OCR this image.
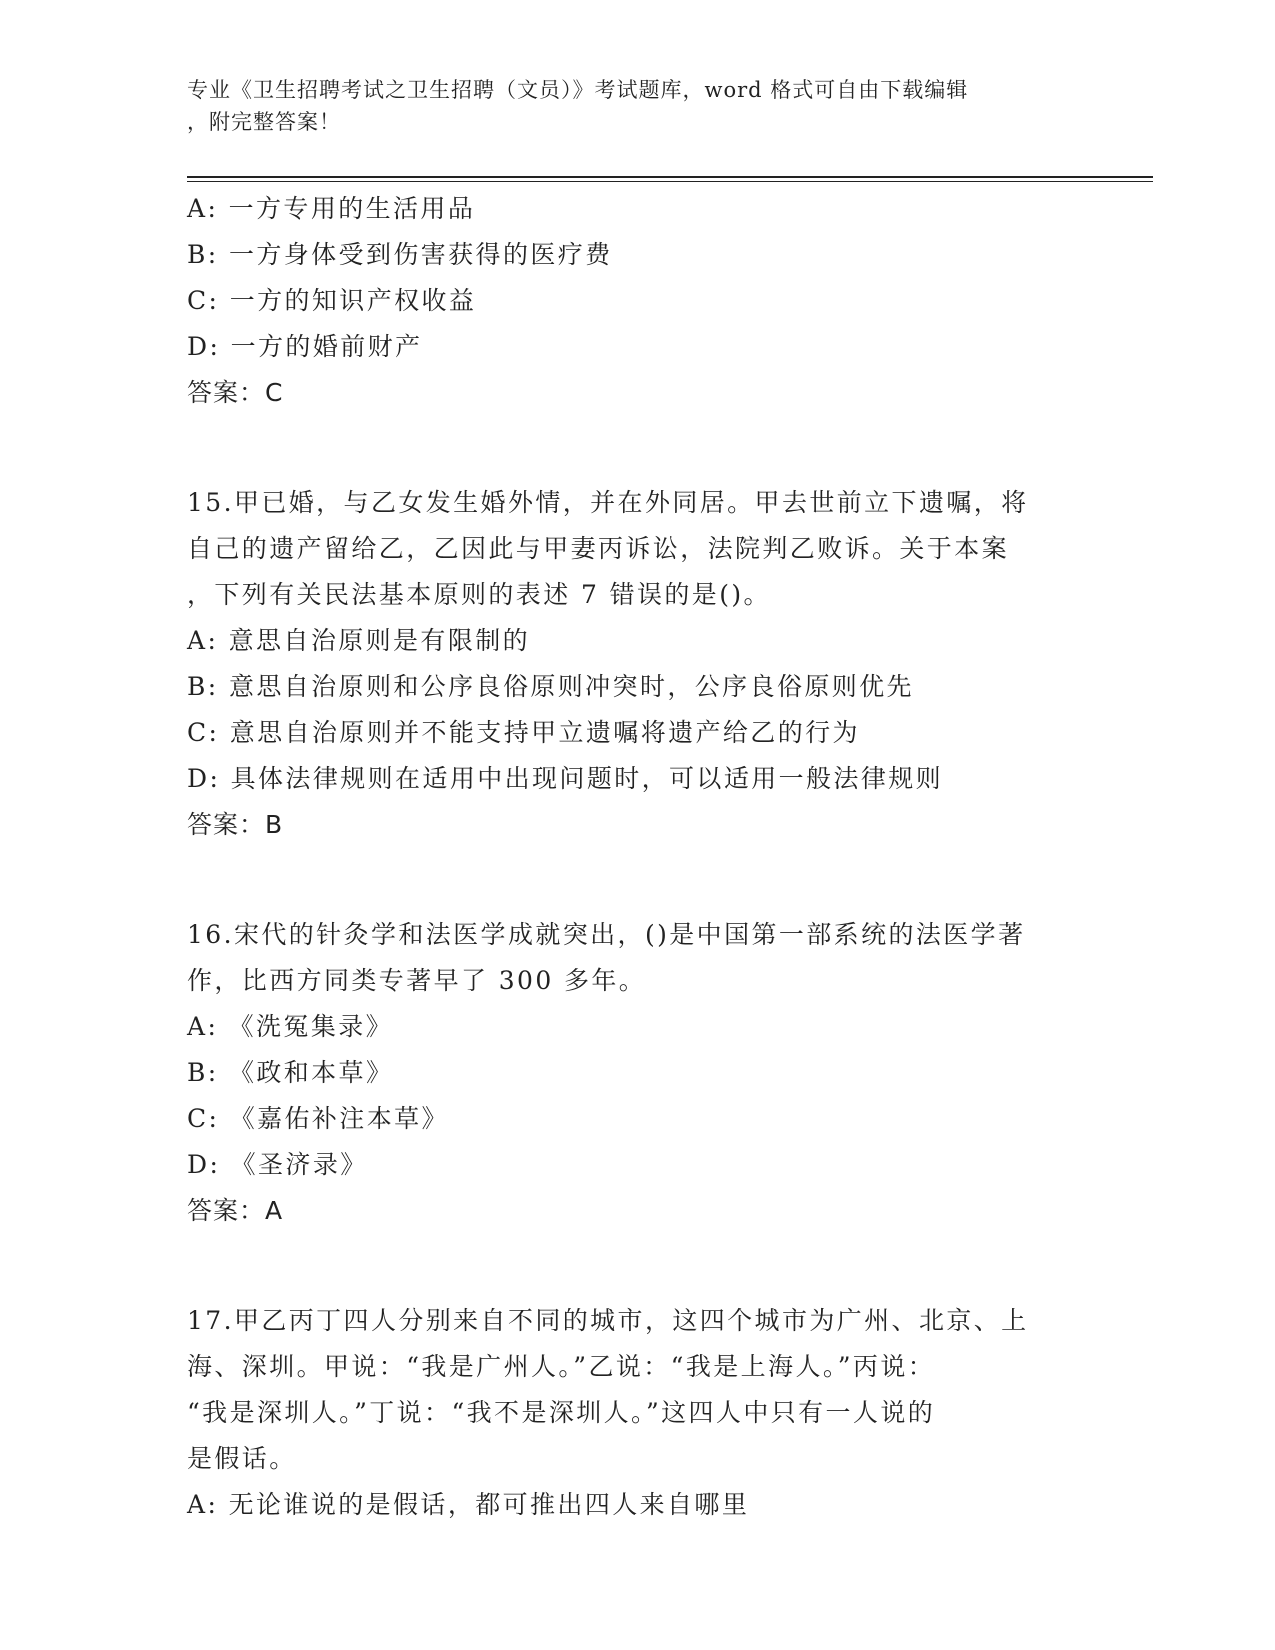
专业《卫生招聘考试之卫生招聘（文员）》考试题库，word 格式可自由下载编辑
，附完整答案！
A: 一方专用的生活用品
B: 一方身体受到伤害获得的医疗费
C: 一方的知识产权收益
D: 一方的婚前财产
答案：C
15.甲已婚，与乙女发生婚外情，并在外同居。甲去世前立下遗嘱，将
自己的遗产留给乙，乙因此与甲妻丙诉讼，法院判乙败诉。关于本案
，下列有关民法基本原则的表述 7 错误的是()。
A: 意思自治原则是有限制的
B: 意思自治原则和公序良俗原则冲突时，公序良俗原则优先
C: 意思自治原则并不能支持甲立遗嘱将遗产给乙的行为
D: 具体法律规则在适用中出现问题时，可以适用一般法律规则
答案：B
16.宋代的针灸学和法医学成就突出，()是中国第一部系统的法医学著
作，比西方同类专著早了 300 多年。
A: 《洗冤集录》
B: 《政和本草》
C: 《嘉佑补注本草》
D: 《圣济录》
答案：A
17.甲乙丙丁四人分别来自不同的城市，这四个城市为广州、北京、上
海、深圳。甲说：“我是广州人。”乙说：“我是上海人。”丙说：
“我是深圳人。”丁说：“我不是深圳人。”这四人中只有一人说的
是假话。
A: 无论谁说的是假话，都可推出四人来自哪里
